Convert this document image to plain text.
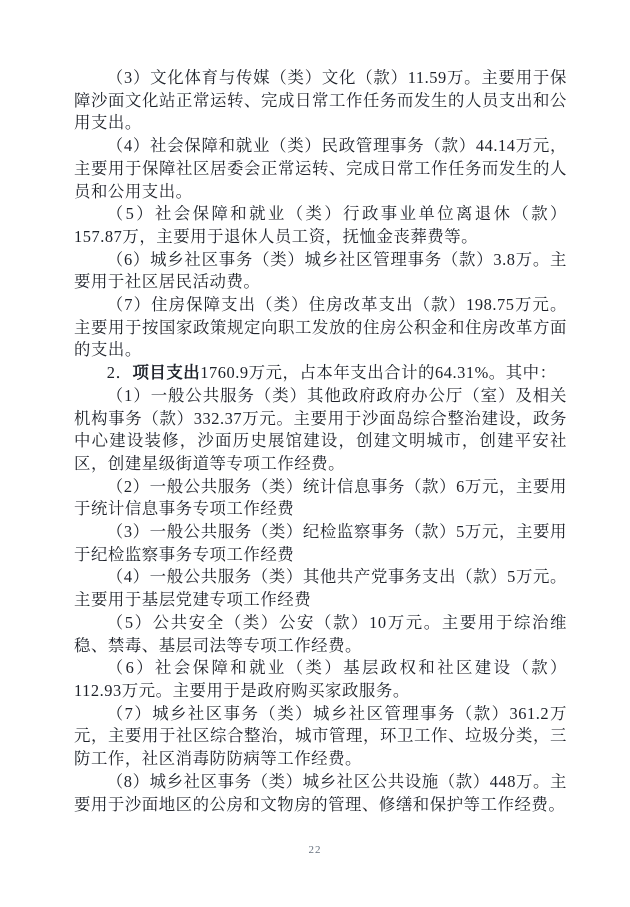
（3）文化体育与传媒（类）文化（款）11.59万。主要用于保障沙面文化站正常运转、完成日常工作任务而发生的人员支出和公用支出。

（4）社会保障和就业（类）民政管理事务（款）44.14万元，主要用于保障社区居委会正常运转、完成日常工作任务而发生的人员和公用支出。

（5）社会保障和就业（类）行政事业单位离退休（款）157.87万，主要用于退休人员工资，抚恤金丧葬费等。

（6）城乡社区事务（类）城乡社区管理事务（款）3.8万。主要用于社区居民活动费。

（7）住房保障支出（类）住房改革支出（款）198.75万元。主要用于按国家政策规定向职工发放的住房公积金和住房改革方面的支出。

2．项目支出1760.9万元，占本年支出合计的64.31%。其中：

（1）一般公共服务（类）其他政府政府办公厅（室）及相关机构事务（款）332.37万元。主要用于沙面岛综合整治建设，政务中心建设装修，沙面历史展馆建设，创建文明城市，创建平安社区，创建星级街道等专项工作经费。

（2）一般公共服务（类）统计信息事务（款）6万元，主要用于统计信息事务专项工作经费

（3）一般公共服务（类）纪检监察事务（款）5万元，主要用于纪检监察事务专项工作经费

（4）一般公共服务（类）其他共产党事务支出（款）5万元。主要用于基层党建专项工作经费

（5）公共安全（类）公安（款）10万元。主要用于综治维稳、禁毒、基层司法等专项工作经费。

（6）社会保障和就业（类）基层政权和社区建设（款）112.93万元。主要用于是政府购买家政服务。

（7）城乡社区事务（类）城乡社区管理事务（款）361.2万元，主要用于社区综合整治，城市管理，环卫工作、垃圾分类，三防工作，社区消毒防防病等工作经费。

（8）城乡社区事务（类）城乡社区公共设施（款）448万。主要用于沙面地区的公房和文物房的管理、修缮和保护等工作经费。

22
